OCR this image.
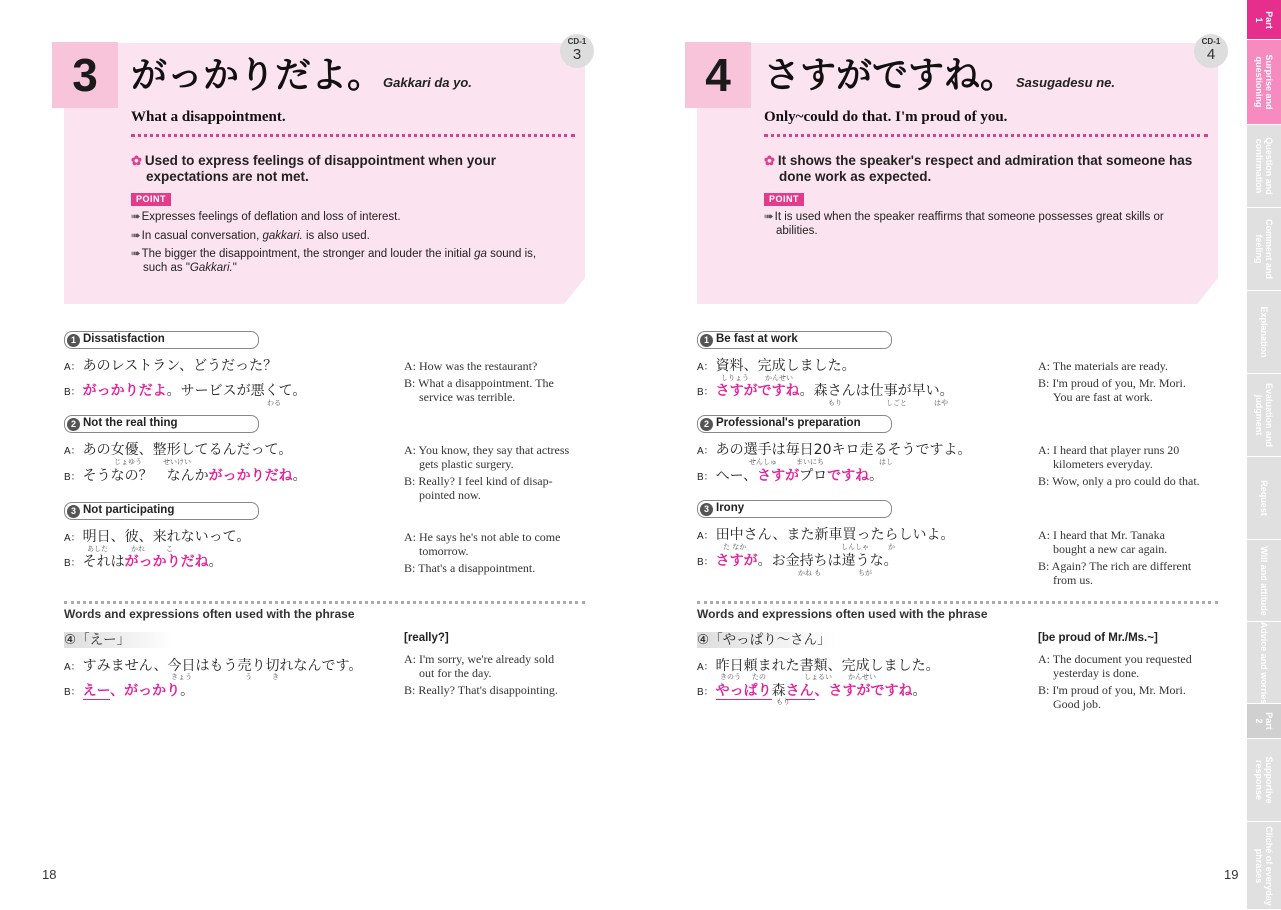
3 がっかりだよ。Gakkari da yo.
CD-1
3
What a disappointment.
✿ Used to express feelings of disappointment when your
expectations are not met.
POINT
➠Expresses feelings of deflation and loss of interest.
➠In casual conversation, gakkari. is also used.
➠The bigger the disappointment, the stronger and louder the initial ga sound is,
such as "Gakkari."
1 Dissatisfaction
A： あのレストラン、どうだった？
B： がっかりだよ。サービスが悪くて。
わる
A: How was the restaurant?
B: What a disappointment. The
service was terrible.
2 Not the real thing
A： あの女優、整形してるんだって。
じょゆう	せいけい
B： そうなの？　なんかがっかりだね。
A: You know, they say that actress
gets plastic surgery.
B: Really? I feel kind of disap-
pointed now.
3 Not participating
A： 明日、彼、来れないって。
あした	かれ	こ
B： それはがっかりだね。
A: He says he's not able to come
tomorrow.
B: That's a disappointment.
Words and expressions often used with the phrase
④「えー」	[really?]
A： すみません、今日はもう売り切れなんです。
きょう	う	き
B： えー、がっかり。
A: I'm sorry, we're already sold
out for the day.
B: Really? That's disappointing.
18
4 さすがですね。Sasugadesu ne.
CD-1
4
Only~could do that. I'm proud of you.
✿ It shows the speaker's respect and admiration that someone has
done work as expected.
POINT
➠It is used when the speaker reaffirms that someone possesses great skills or
abilities.
1 Be fast at work
A： 資料、完成しました。
しりょう かんせい
B： さすがですね。森さんは仕事が早い。
もり	しごと	はや
A: The materials are ready.
B: I'm proud of you, Mr. Mori.
You are fast at work.
2 Professional's preparation
A： あの選手は毎日20キロ走るそうですよ。
せんしゅ	まいにち	はし
B： へー、さすがプロですね。
A: I heard that player runs 20
kilometers everyday.
B: Wow, only a pro could do that.
3 Irony
A： 田中さん、また新車買ったらしいよ。
た なか	しんしゃ	か
B： さすが。お金持ちは違うな。
かね も	ちが
A: I heard that Mr. Tanaka
bought a new car again.
B: Again? The rich are different
from us.
Words and expressions often used with the phrase
④「やっぱり～さん」	[be proud of Mr./Ms.~]
A： 昨日頼まれた書類、完成しました。
きのう たの	しょるい かんせい
B： やっぱり森さん、さすがですね。
もり
A: The document you requested
yesterday is done.
B: I'm proud of you, Mr. Mori.
Good job.
19
Part
1
Surprise and
questioning
Question and
confirmation
Comment and
feeling
Explanation
Evaluation and
judgment
Request
Will and attitude
Advice and worries
Part
2
Supportive
response
Cliché of everyday
phrases
